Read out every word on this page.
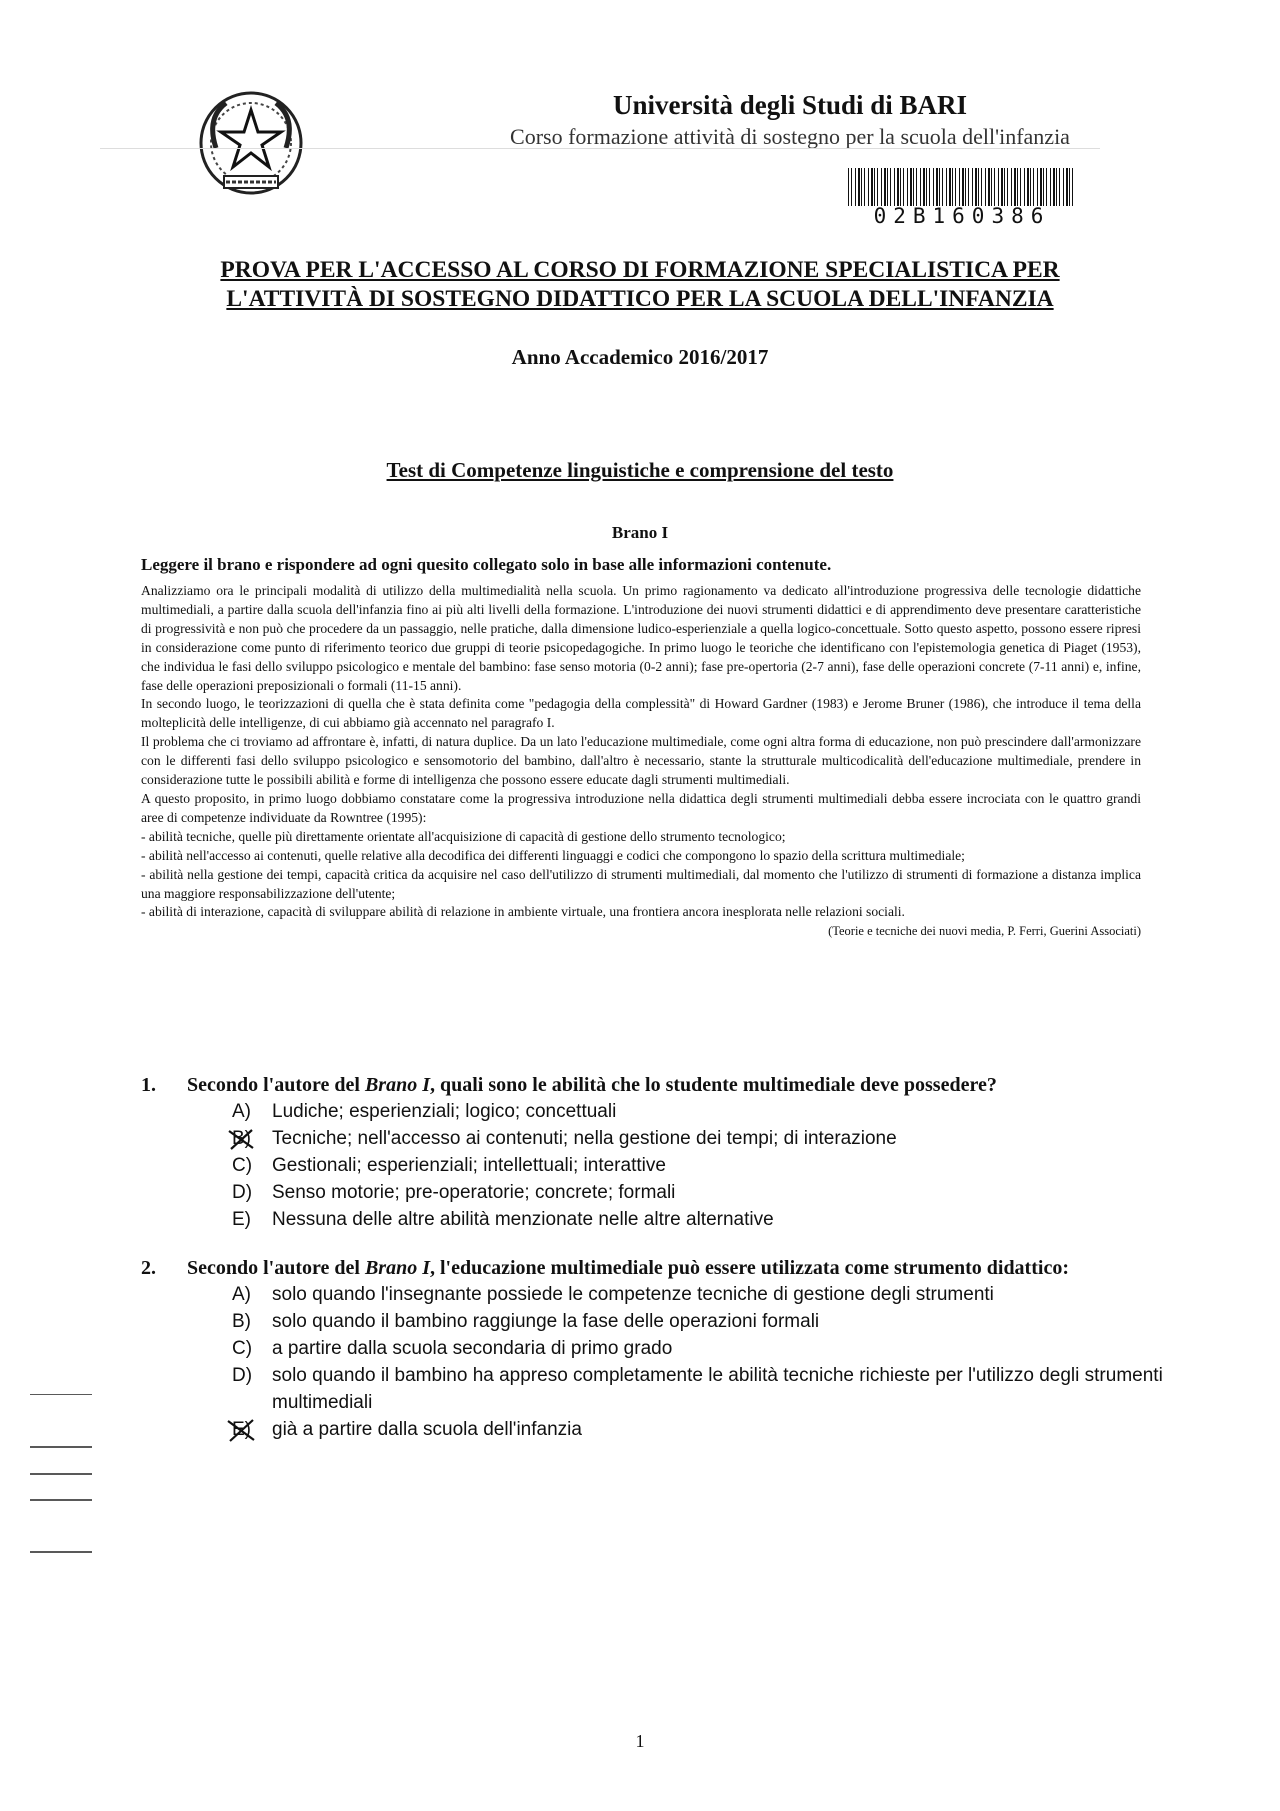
Università degli Studi di BARI
Corso formazione attività di sostegno per la scuola dell'infanzia
02B160386
PROVA PER L'ACCESSO AL CORSO DI FORMAZIONE SPECIALISTICA PER
L'ATTIVITÀ DI SOSTEGNO DIDATTICO PER LA SCUOLA DELL'INFANZIA
Anno Accademico 2016/2017
Test di Competenze linguistiche e comprensione del testo
Brano I
Leggere il brano e rispondere ad ogni quesito collegato solo in base alle informazioni contenute.

Analizziamo ora le principali modalità di utilizzo della multimedialità nella scuola. Un primo ragionamento va dedicato all'introduzione progressiva delle tecnologie didattiche multimediali, a partire dalla scuola dell'infanzia fino ai più alti livelli della formazione. L'introduzione dei nuovi strumenti didattici e di apprendimento deve presentare caratteristiche di progressività e non può che procedere da un passaggio, nelle pratiche, dalla dimensione ludico-esperienziale a quella logico-concettuale. Sotto questo aspetto, possono essere ripresi in considerazione come punto di riferimento teorico due gruppi di teorie psicopedagogiche. In primo luogo le teoriche che identificano con l'epistemologia genetica di Piaget (1953), che individua le fasi dello sviluppo psicologico e mentale del bambino: fase senso motoria (0-2 anni); fase pre-opertoria (2-7 anni), fase delle operazioni concrete (7-11 anni) e, infine, fase delle operazioni preposizionali o formali (11-15 anni).

In secondo luogo, le teorizzazioni di quella che è stata definita come "pedagogia della complessità" di Howard Gardner (1983) e Jerome Bruner (1986), che introduce il tema della molteplicità delle intelligenze, di cui abbiamo già accennato nel paragrafo I.

Il problema che ci troviamo ad affrontare è, infatti, di natura duplice. Da un lato l'educazione multimediale, come ogni altra forma di educazione, non può prescindere dall'armonizzare con le differenti fasi dello sviluppo psicologico e sensomotorio del bambino, dall'altro è necessario, stante la strutturale multicodicalità dell'educazione multimediale, prendere in considerazione tutte le possibili abilità e forme di intelligenza che possono essere educate dagli strumenti multimediali.

A questo proposito, in primo luogo dobbiamo constatare come la progressiva introduzione nella didattica degli strumenti multimediali debba essere incrociata con le quattro grandi aree di competenze individuate da Rowntree (1995):

- abilità tecniche, quelle più direttamente orientate all'acquisizione di capacità di gestione dello strumento tecnologico;

- abilità nell'accesso ai contenuti, quelle relative alla decodifica dei differenti linguaggi e codici che compongono lo spazio della scrittura multimediale;

- abilità nella gestione dei tempi, capacità critica da acquisire nel caso dell'utilizzo di strumenti multimediali, dal momento che l'utilizzo di strumenti di formazione a distanza implica una maggiore responsabilizzazione dell'utente;

- abilità di interazione, capacità di sviluppare abilità di relazione in ambiente virtuale, una frontiera ancora inesplorata nelle relazioni sociali.

(Teorie e tecniche dei nuovi media, P. Ferri, Guerini Associati)

1.	Secondo l'autore del Brano I, quali sono le abilità che lo studente multimediale deve possedere?
A)	Ludiche; esperienziali; logico; concettuali
B)	Tecniche; nell'accesso ai contenuti; nella gestione dei tempi; di interazione
C)	Gestionali; esperienziali; intellettuali; interattive
D)	Senso motorie; pre-operatorie; concrete; formali
E)	Nessuna delle altre abilità menzionate nelle altre alternative
2.	Secondo l'autore del Brano I, l'educazione multimediale può essere utilizzata come strumento didattico:
A)	solo quando l'insegnante possiede le competenze tecniche di gestione degli strumenti
B)	solo quando il bambino raggiunge la fase delle operazioni formali
C)	a partire dalla scuola secondaria di primo grado
D)	solo quando il bambino ha appreso completamente le abilità tecniche richieste per l'utilizzo degli strumenti multimediali
E)	già a partire dalla scuola dell'infanzia
1
